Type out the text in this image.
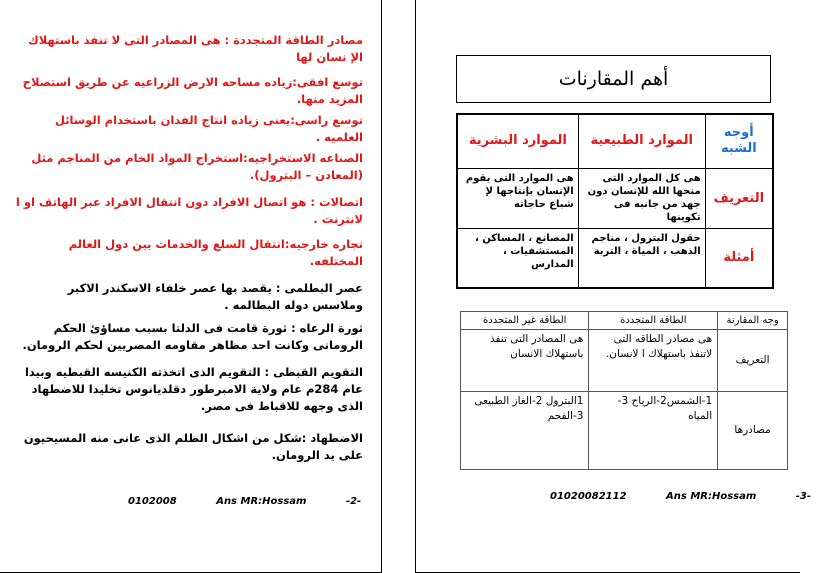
مصادر الطاقة المتجددة : هى المصادر التى لا تنفذ باستهلاك الإ نسان لها
توسع افقى:زياده مساحه الارض الزراعيه عن طريق استصلاح المزيد منها.
توسع راسى:يعنى زياده انتاج الفدان باستخدام الوسائل العلميه .
الصناعه الاستخراجيه:استخراج المواد الخام من المناجم مثل (المعادن – البترول).
اتصالات : هو اتصال الافراد دون انتقال الافراد عبر الهاتف او ا لانترنت .
تجاره خارجيه:انتقال السلع والخدمات بين دول العالم المختلفه.
عصر البطلمى : يقصد بها عصر خلفاء الاسكندر الاكبر وملاسس دوله البطالمه .
ثورة الرعاه : ثورة قامت فى الدلتا بسبب مساؤئ الحكم الرومانى وكانت احد مظاهر مقاومه المصريين لحكم الرومان.
التقويم القبطى : التقويم الذى اتخذته الكنيسه القبطيه وبيدا عام 284م عام ولاية الامبرطور دقلديانوس تخليدا للاضطهاد الذى وجهه للاقباط فى مصر.
الاضطهاد :شكل من اشكال الظلم الذى عانى منه المسيحيون على يد الرومان.
0102008	Ans MR:Hossam	-2-
أهم المقارنات
أوجه الشبه	الموارد الطبيعية	الموارد البشرية
التعريف	هى كل الموارد التى منحها الله للإنسان دون جهد من جانبه فى تكوينها	هى الموارد التى يقوم الإنسان بإنتاجها لإ شباع حاجاته
أمثلة	حقول البترول ، مناجم الذهب ، المياة ، التربة	المصانع ، المساكن ، المستشفيات ، المدارس
وجه المقارنة	الطاقة المتجددة	الطاقة غير المتجددة
التعريف	هى مصادر الطاقه التى لاتنفذ باستهلاك ا لانسان.	هى المصادر التى تنفذ باستهلاك الانسان
مصادرها	1-الشمس2-الرياح 3-المياه	1البترول 2-الغاز الطبيعى 3-الفحم
01020082112	Ans MR:Hossam	-3-
